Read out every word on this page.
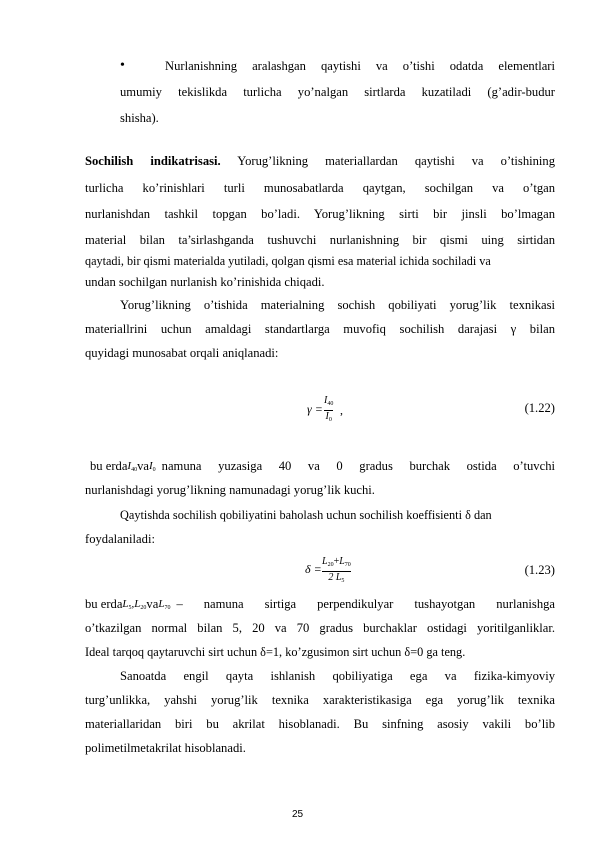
•	Nurlanishning aralashgan qaytishi va o’tishi odatda elementlari
umumiy tekislikda turlicha yo’nalgan sirtlarda kuzatiladi (g’adir-budur
shisha).
Sochilish indikatrisasi. Yorug’likning materiallardan qaytishi va o’tishining
turlicha ko’rinishlari turli munosabatlarda qaytgan, sochilgan va o’tgan
nurlanishdan tashkil topgan bo’ladi. Yorug’likning sirti bir jinsli bo’lmagan
material bilan ta’sirlashganda tushuvchi nurlanishning bir qismi uing sirtidan
qaytadi, bir qismi materialda yutiladi, qolgan qismi esa material ichida sochiladi va
undan sochilgan nurlanish ko’rinishida chiqadi.
Yorug’likning o’tishida materialning sochish qobiliyati yorug’lik texnikasi
materiallrini uchun amaldagi standartlarga muvofiq sochilish darajasi γ bilan
quyidagi munosabat orqali aniqlanadi:
γ =
$I_{40}$
$I_0$
,	(1.22)
bu erda I40 va I0 namuna yuzasiga 40 va 0 gradus burchak ostida o’tuvchi
nurlanishdagi yorug’likning namunadagi yorug’lik kuchi.
Qaytishda sochilish qobiliyatini baholash uchun sochilish koeffisienti δ dan
foydalaniladi:
δ =
$L_{20}+L_{70}$
2 $L_5$
(1.23)
bu erda L5, L20 va L70 – namuna sirtiga perpendikulyar tushayotgan nurlanishga
o’tkazilgan normal bilan 5, 20 va 70 gradus burchaklar ostidagi yoritilganliklar.
Ideal tarqoq qaytaruvchi sirt uchun δ=1, ko’zgusimon sirt uchun δ=0 ga teng.
Sanoatda engil qayta ishlanish qobiliyatiga ega va fizika-kimyoviy
turg’unlikka, yahshi yorug’lik texnika xarakteristikasiga ega yorug’lik texnika
materiallaridan biri bu akrilat hisoblanadi. Bu sinfning asosiy vakili bo’lib
polimetilmetakrilat hisoblanadi.
25
